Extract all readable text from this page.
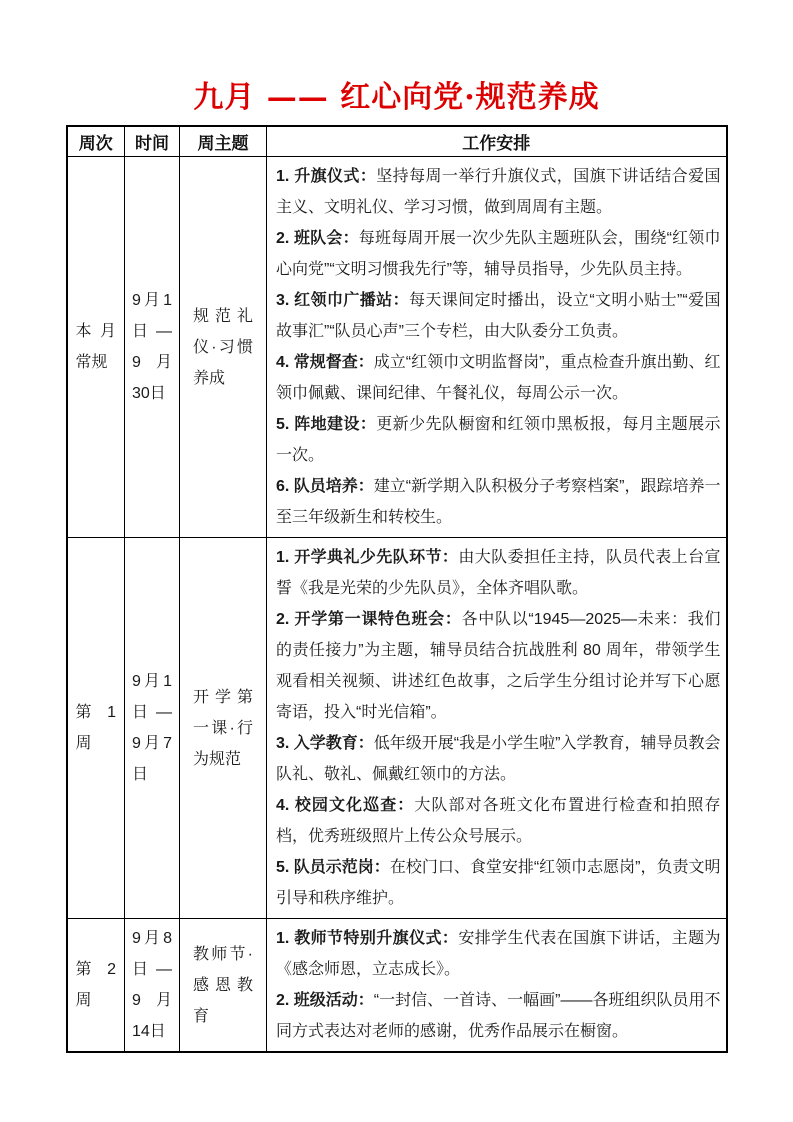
九月 —— 红心向党·规范养成
周次	时间	周主题	工作安排
本月常规	9月1日—9月30日	规范礼仪·习惯养成	

1. 升旗仪式：坚持每周一举行升旗仪式，国旗下讲话结合爱国主义、文明礼仪、学习习惯，做到周周有主题。

2. 班队会：每班每周开展一次少先队主题班队会，围绕“红领巾心向党”“文明习惯我先行”等，辅导员指导，少先队员主持。

3. 红领巾广播站：每天课间定时播出，设立“文明小贴士”“爱国故事汇”“队员心声”三个专栏，由大队委分工负责。

4. 常规督查：成立“红领巾文明监督岗”，重点检查升旗出勤、红领巾佩戴、课间纪律、午餐礼仪，每周公示一次。

5. 阵地建设：更新少先队橱窗和红领巾黑板报，每月主题展示一次。

6. 队员培养：建立“新学期入队积极分子考察档案”，跟踪培养一至三年级新生和转校生。

第 1 周	9月1日—9月7日	开学第一课·行为规范	1. 开学典礼少先队环节：由大队委担任主持，队员代表上台宣誓《我是光荣的少先队员》，全体齐唱队歌。

2. 开学第一课特色班会：各中队以“1945—2025—未来：我们的责任接力”为主题，辅导员结合抗战胜利 80 周年，带领学生观看相关视频、讲述红色故事，之后学生分组讨论并写下心愿寄语，投入“时光信箱”。

3. 入学教育：低年级开展“我是小学生啦”入学教育，辅导员教会队礼、敬礼、佩戴红领巾的方法。

4. 校园文化巡查：大队部对各班文化布置进行检查和拍照存档，优秀班级照片上传公众号展示。

5. 队员示范岗：在校门口、食堂安排“红领巾志愿岗”，负责文明引导和秩序维护。

第 2 周	9月8日—9月14日	教师节·感恩教育	1. 教师节特别升旗仪式：安排学生代表在国旗下讲话，主题为《感念师恩，立志成长》。

2. 班级活动：“一封信、一首诗、一幅画”——各班组织队员用不同方式表达对老师的感谢，优秀作品展示在橱窗。
